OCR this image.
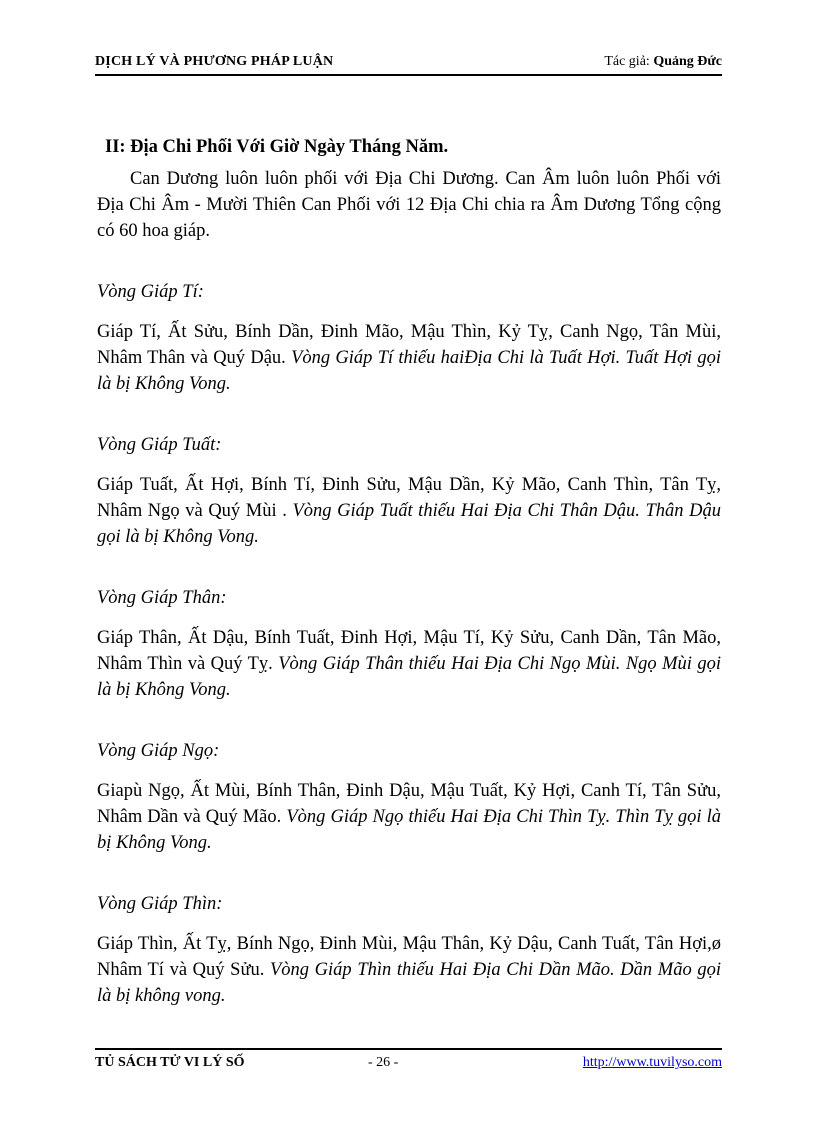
DỊCH LÝ VÀ PHƯƠNG PHÁP LUẬN	Tác giả: Quảng Đức

II: Địa Chi Phối Với Giờ Ngày Tháng Năm.

Can Dương luôn luôn phối với Địa Chi Dương. Can Âm luôn luôn Phối với Địa Chi Âm - Mười Thiên Can Phối với 12 Địa Chi chia ra Âm Dương Tổng cộng có 60 hoa giáp.

Vòng Giáp Tí:

Giáp Tí, Ất Sửu, Bính Dần, Đinh Mão, Mậu Thìn, Kỷ Tỵ, Canh Ngọ, Tân Mùi, Nhâm Thân và Quý Dậu. Vòng Giáp Tí thiếu haiĐịa Chi là Tuất Hợi. Tuất Hợi gọi là bị Không Vong.

Vòng Giáp Tuất:

Giáp Tuất, Ất Hợi, Bính Tí, Đinh Sửu, Mậu Dần, Kỷ Mão, Canh Thìn, Tân Tỵ, Nhâm Ngọ và Quý Mùi . Vòng Giáp Tuất thiếu Hai Địa Chi Thân Dậu. Thân Dậu gọi là bị Không Vong.

Vòng Giáp Thân:

Giáp Thân, Ất Dậu, Bính Tuất, Đinh Hợi, Mậu Tí, Kỷ Sửu, Canh Dần, Tân Mão, Nhâm Thìn và Quý Tỵ. Vòng Giáp Thân thiếu Hai Địa Chi Ngọ Mùi. Ngọ Mùi gọi là bị Không Vong.

Vòng Giáp Ngọ:

Giapù Ngọ, Ất Mùi, Bính Thân, Đinh Dậu, Mậu Tuất, Kỷ Hợi, Canh Tí, Tân Sửu, Nhâm Dần và Quý Mão. Vòng Giáp Ngọ thiếu Hai Địa Chi Thìn Tỵ. Thìn Tỵ gọi là bị Không Vong.

Vòng Giáp Thìn:

Giáp Thìn, Ất Tỵ, Bính Ngọ, Đinh Mùi, Mậu Thân, Kỷ Dậu, Canh Tuất, Tân Hợi,ø Nhâm Tí và Quý Sửu. Vòng Giáp Thìn thiếu Hai Địa Chi Dần Mão. Dần Mão gọi là bị không vong.

TỦ SÁCH TỬ VI LÝ SỐ	- 26 -	http://www.tuvilyso.com
